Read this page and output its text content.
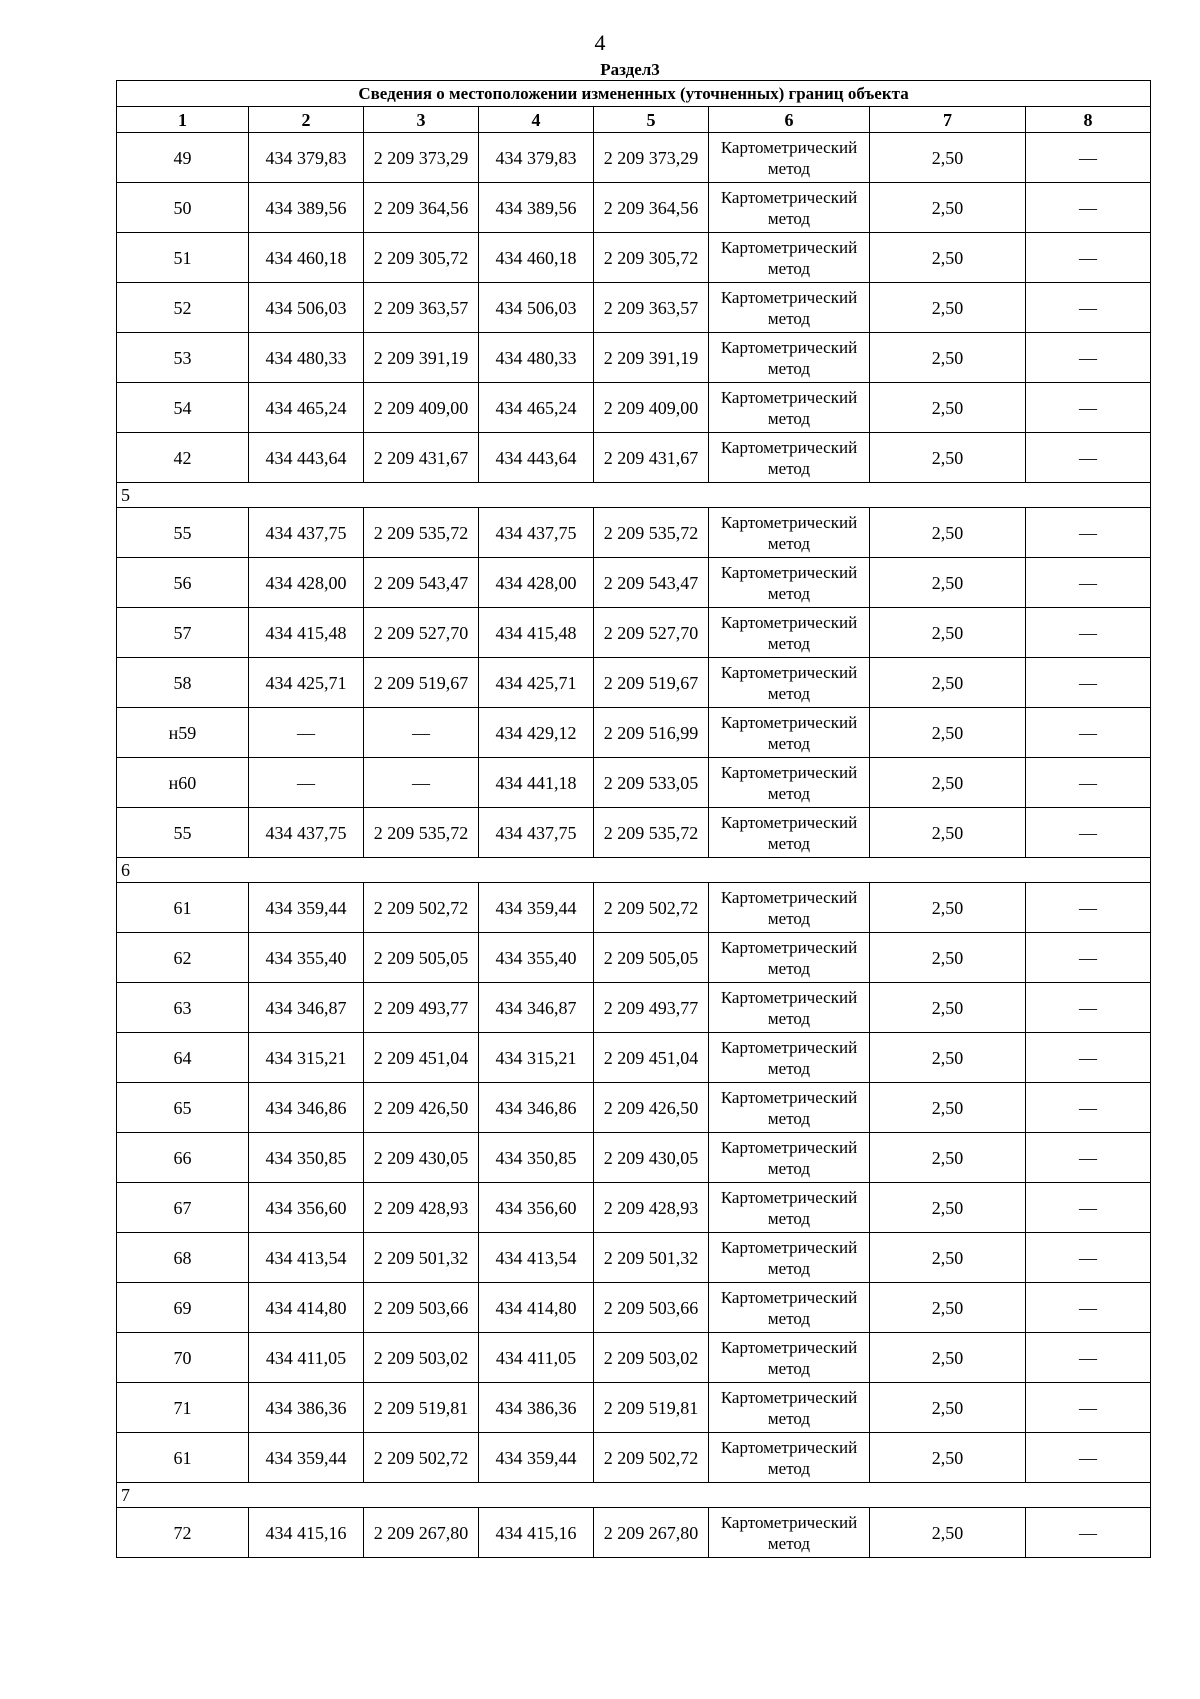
4
Раздел3
Сведения о местоположении измененных (уточненных) границ объекта							
1	2	3	4	5	6	7	8
49	434 379,83	2 209 373,29	434 379,83	2 209 373,29	Картометрический метод	2,50	—
50	434 389,56	2 209 364,56	434 389,56	2 209 364,56	Картометрический метод	2,50	—
51	434 460,18	2 209 305,72	434 460,18	2 209 305,72	Картометрический метод	2,50	—
52	434 506,03	2 209 363,57	434 506,03	2 209 363,57	Картометрический метод	2,50	—
53	434 480,33	2 209 391,19	434 480,33	2 209 391,19	Картометрический метод	2,50	—
54	434 465,24	2 209 409,00	434 465,24	2 209 409,00	Картометрический метод	2,50	—
42	434 443,64	2 209 431,67	434 443,64	2 209 431,67	Картометрический метод	2,50	—
5							
55	434 437,75	2 209 535,72	434 437,75	2 209 535,72	Картометрический метод	2,50	—
56	434 428,00	2 209 543,47	434 428,00	2 209 543,47	Картометрический метод	2,50	—
57	434 415,48	2 209 527,70	434 415,48	2 209 527,70	Картометрический метод	2,50	—
58	434 425,71	2 209 519,67	434 425,71	2 209 519,67	Картометрический метод	2,50	—
н59	—	—	434 429,12	2 209 516,99	Картометрический метод	2,50	—
н60	—	—	434 441,18	2 209 533,05	Картометрический метод	2,50	—
55	434 437,75	2 209 535,72	434 437,75	2 209 535,72	Картометрический метод	2,50	—
6							
61	434 359,44	2 209 502,72	434 359,44	2 209 502,72	Картометрический метод	2,50	—
62	434 355,40	2 209 505,05	434 355,40	2 209 505,05	Картометрический метод	2,50	—
63	434 346,87	2 209 493,77	434 346,87	2 209 493,77	Картометрический метод	2,50	—
64	434 315,21	2 209 451,04	434 315,21	2 209 451,04	Картометрический метод	2,50	—
65	434 346,86	2 209 426,50	434 346,86	2 209 426,50	Картометрический метод	2,50	—
66	434 350,85	2 209 430,05	434 350,85	2 209 430,05	Картометрический метод	2,50	—
67	434 356,60	2 209 428,93	434 356,60	2 209 428,93	Картометрический метод	2,50	—
68	434 413,54	2 209 501,32	434 413,54	2 209 501,32	Картометрический метод	2,50	—
69	434 414,80	2 209 503,66	434 414,80	2 209 503,66	Картометрический метод	2,50	—
70	434 411,05	2 209 503,02	434 411,05	2 209 503,02	Картометрический метод	2,50	—
71	434 386,36	2 209 519,81	434 386,36	2 209 519,81	Картометрический метод	2,50	—
61	434 359,44	2 209 502,72	434 359,44	2 209 502,72	Картометрический метод	2,50	—
7							
72	434 415,16	2 209 267,80	434 415,16	2 209 267,80	Картометрический метод	2,50	—
